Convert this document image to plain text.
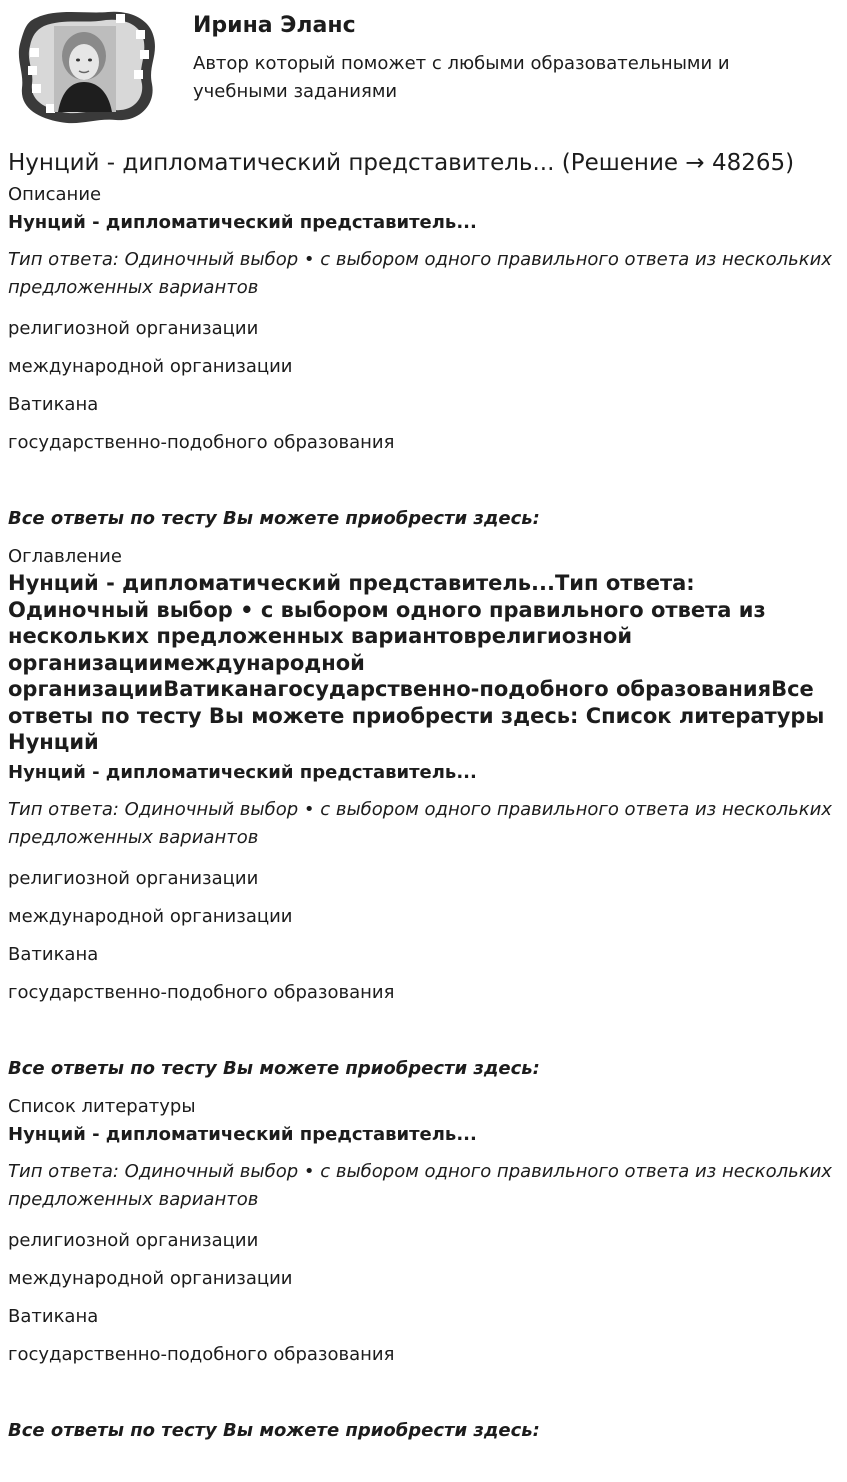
Ирина Эланс

Автор который поможет с любыми образовательными и учебными заданиями

Нунций - дипломатический представитель... (Решение → 48265)
Описание
Нунций - дипломатический представитель...
Тип ответа: Одиночный выбор • с выбором одного правильного ответа из нескольких предложенных вариантов
религиозной организации
международной организации
Ватикана
государственно-подобного образования
Все ответы по тесту Вы можете приобрести здесь:
Оглавление
Нунций - дипломатический представитель...Тип ответа: Одиночный выбор • с выбором одного правильного ответа из нескольких предложенных вариантоврелигиозной организациимеждународной организацииВатиканагосударственно-подобного образованияВсе ответы по тесту Вы можете приобрести здесь: Список литературы Нунций
Нунций - дипломатический представитель...
Тип ответа: Одиночный выбор • с выбором одного правильного ответа из нескольких предложенных вариантов
религиозной организации
международной организации
Ватикана
государственно-подобного образования
Все ответы по тесту Вы можете приобрести здесь:
Список литературы
Нунций - дипломатический представитель...
Тип ответа: Одиночный выбор • с выбором одного правильного ответа из нескольких предложенных вариантов
религиозной организации
международной организации
Ватикана
государственно-подобного образования
Все ответы по тесту Вы можете приобрести здесь:
